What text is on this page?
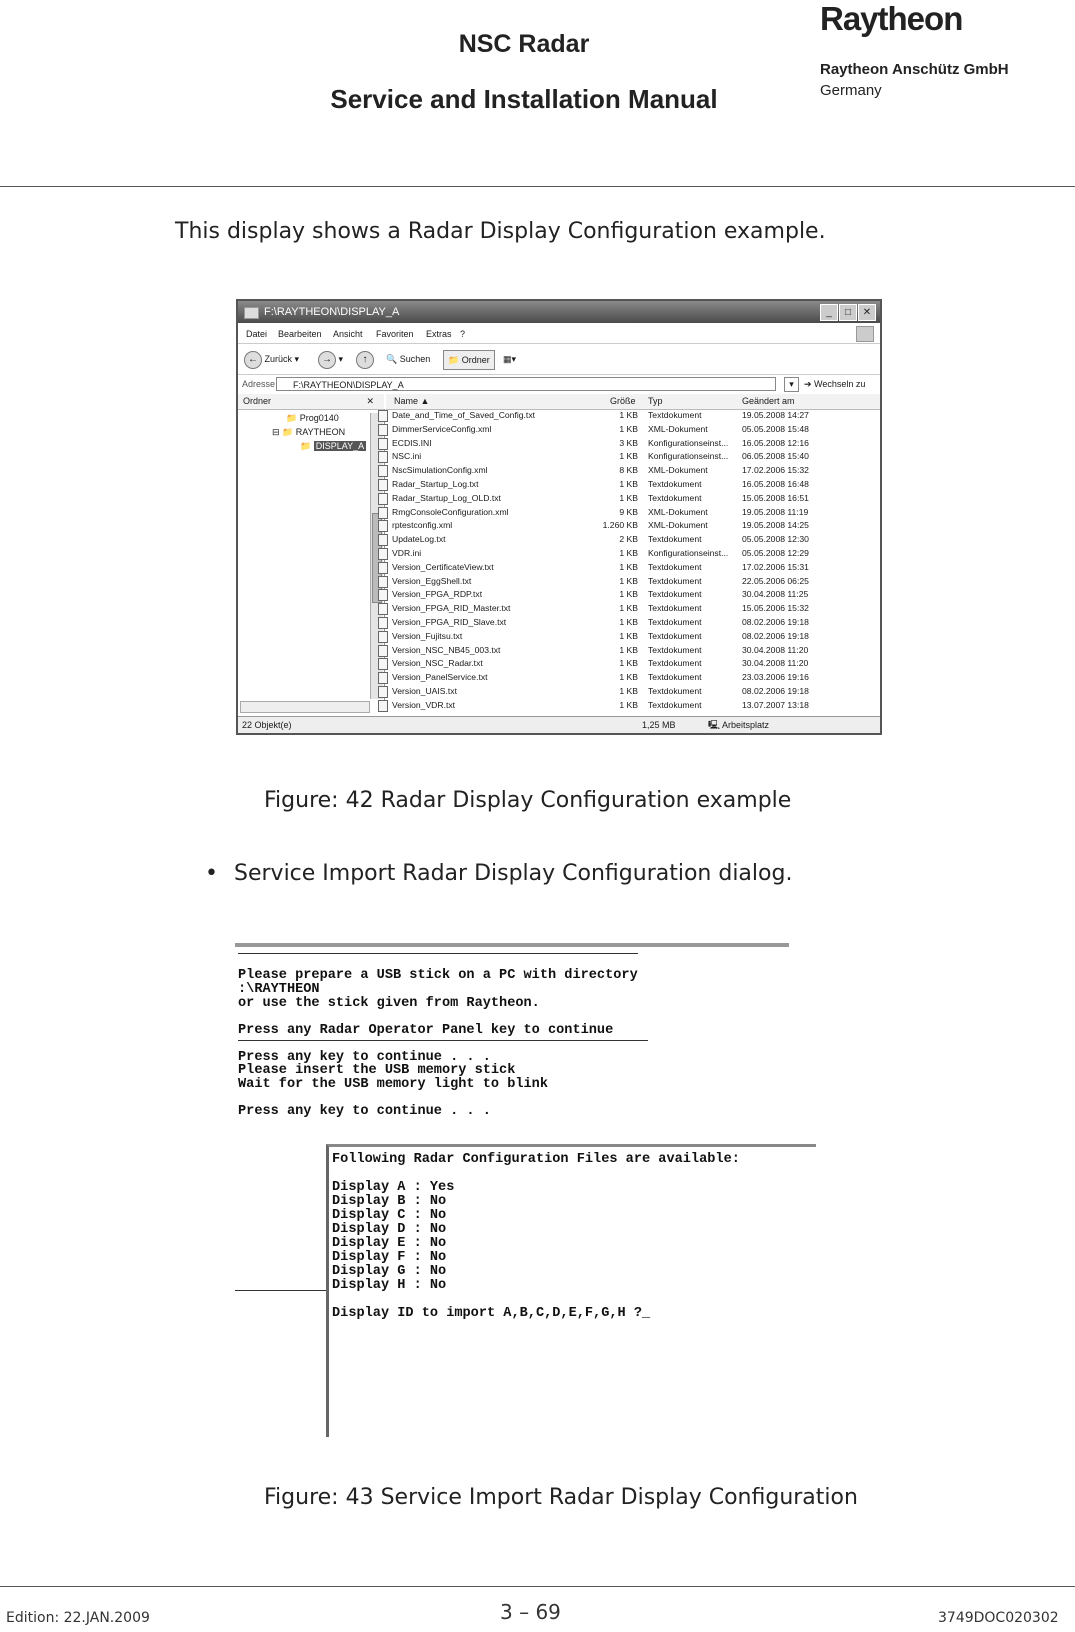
NSC Radar
Service and Installation Manual
Raytheon
Raytheon Anschütz GmbH
Germany
This display shows a Radar Display Configuration example.
F:\RAYTHEON\DISPLAY_A	_	□	✕
Datei Bearbeiten Ansicht Favoriten Extras ?
← Zurück ▾	→ ▾	↑	🔍 Suchen	📁 Ordner	▦▾
Adresse	F:\RAYTHEON\DISPLAY_A	▾	➔ Wechseln zu
Ordner	✕ Name ▲	Größe Typ	Geändert am
📁 Prog0140
⊟ 📁 RAYTHEON
📁 DISPLAY_A
Date_and_Time_of_Saved_Config.txt	1 KB Textdokument	19.05.2008 14:27
DimmerServiceConfig.xml	1 KB XML-Dokument	05.05.2008 15:48
ECDIS.INI	3 KB Konfigurationseinst... 16.05.2008 12:16
NSC.ini	1 KB Konfigurationseinst... 06.05.2008 15:40
NscSimulationConfig.xml	8 KB XML-Dokument	17.02.2006 15:32
Radar_Startup_Log.txt	1 KB Textdokument	16.05.2008 16:48
Radar_Startup_Log_OLD.txt	1 KB Textdokument	15.05.2008 16:51
RmgConsoleConfiguration.xml	9 KB XML-Dokument	19.05.2008 11:19
rptestconfig.xml	1.260 KB XML-Dokument	19.05.2008 14:25
UpdateLog.txt	2 KB Textdokument	05.05.2008 12:30
VDR.ini	1 KB Konfigurationseinst... 05.05.2008 12:29
Version_CertificateView.txt	1 KB Textdokument	17.02.2006 15:31
Version_EggShell.txt	1 KB Textdokument	22.05.2006 06:25
Version_FPGA_RDP.txt	1 KB Textdokument	30.04.2008 11:25
Version_FPGA_RID_Master.txt	1 KB Textdokument	15.05.2006 15:32
Version_FPGA_RID_Slave.txt	1 KB Textdokument	08.02.2006 19:18
Version_Fujitsu.txt	1 KB Textdokument	08.02.2006 19:18
Version_NSC_NB45_003.txt	1 KB Textdokument	30.04.2008 11:20
Version_NSC_Radar.txt	1 KB Textdokument	30.04.2008 11:20
Version_PanelService.txt	1 KB Textdokument	23.03.2006 19:16
Version_UAIS.txt	1 KB Textdokument	08.02.2006 19:18
Version_VDR.txt	1 KB Textdokument	13.07.2007 13:18
22 Objekt(e)	1,25 MB	🖳 Arbeitsplatz
Figure: 42 Radar Display Configuration example
• Service Import Radar Display Configuration dialog.
Please prepare a USB stick on a PC with directory
:\RAYTHEON
or use the stick given from Raytheon.
Press any Radar Operator Panel key to continue
Press any key to continue . . .
Please insert the USB memory stick
Wait for the USB memory light to blink
Press any key to continue . . .
Following Radar Configuration Files are available:
Display A : Yes
Display B : No
Display C : No
Display D : No
Display E : No
Display F : No
Display G : No
Display H : No
Display ID to import A,B,C,D,E,F,G,H ?_
Figure: 43 Service Import Radar Display Configuration
Edition: 22.JAN.2009	3 – 69	3749DOC020302
